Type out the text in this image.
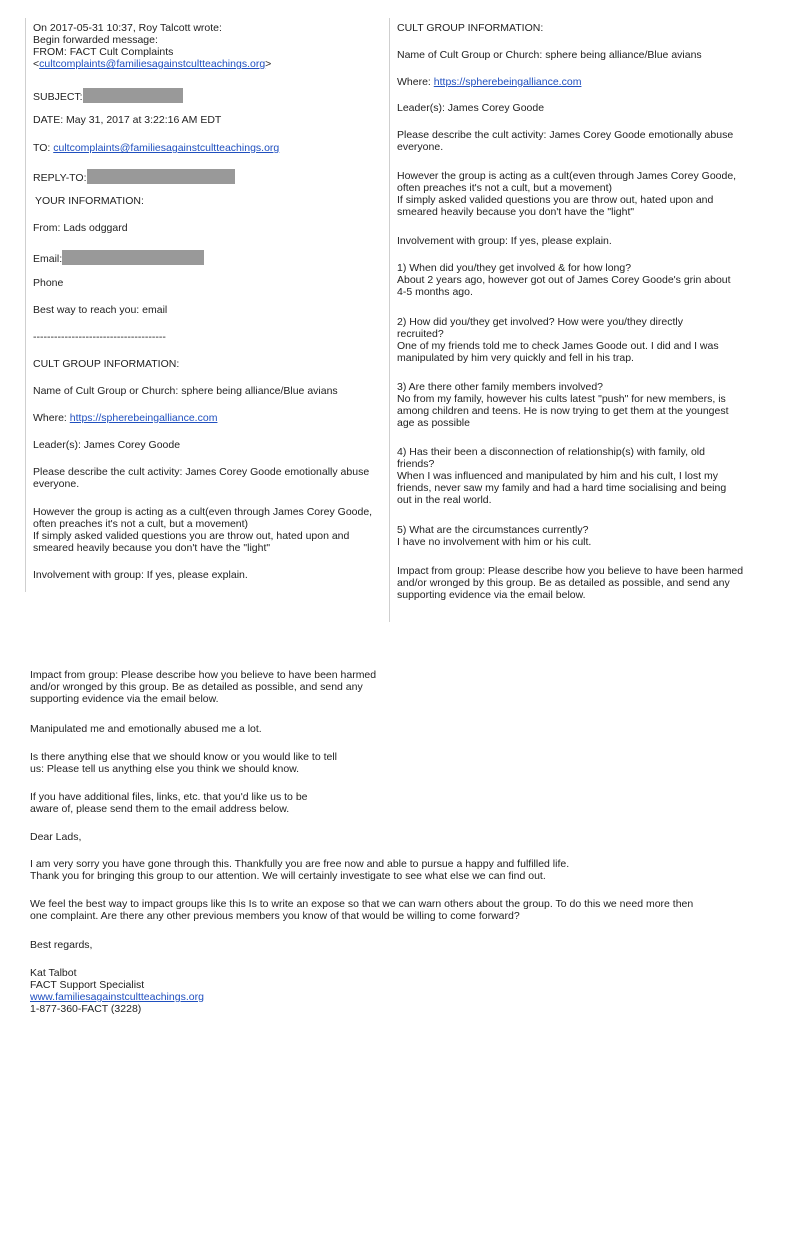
On 2017-05-31 10:37, Roy Talcott wrote:
Begin forwarded message:
FROM: FACT Cult Complaints
<cultcomplaints@familiesagainstcultteachings.org>
SUBJECT:
DATE: May 31, 2017 at 3:22:16 AM EDT
TO: cultcomplaints@familiesagainstcultteachings.org
REPLY-TO:
YOUR INFORMATION:
From: Lads odggard
Email:
Phone
Best way to reach you: email
--------------------------------------
CULT GROUP INFORMATION:
Name of Cult Group or Church: sphere being alliance/Blue avians
Where: https://spherebeingalliance.com
Leader(s): James Corey Goode
Please describe the cult activity: James Corey Goode emotionally abuse
everyone.
However the group is acting as a cult(even through James Corey Goode,
often preaches it's not a cult, but a movement)
If simply asked valided questions you are throw out, hated upon and
smeared heavily because you don't have the "light"
Involvement with group: If yes, please explain.
CULT GROUP INFORMATION:
Name of Cult Group or Church: sphere being alliance/Blue avians
Where: https://spherebeingalliance.com
Leader(s): James Corey Goode
Please describe the cult activity: James Corey Goode emotionally abuse
everyone.
However the group is acting as a cult(even through James Corey Goode,
often preaches it's not a cult, but a movement)
If simply asked valided questions you are throw out, hated upon and
smeared heavily because you don't have the "light"
Involvement with group: If yes, please explain.
1) When did you/they get involved & for how long?
About 2 years ago, however got out of James Corey Goode's grin about
4-5 months ago.
2) How did you/they get involved? How were you/they directly
recruited?
One of my friends told me to check James Goode out. I did and I was
manipulated by him very quickly and fell in his trap.
3) Are there other family members involved?
No from my family, however his cults latest "push" for new members, is
among children and teens. He is now trying to get them at the youngest
age as possible
4) Has their been a disconnection of relationship(s) with family, old
friends?
When I was influenced and manipulated by him and his cult, I lost my
friends, never saw my family and had a hard time socialising and being
out in the real world.
5) What are the circumstances currently?
I have no involvement with him or his cult.
Impact from group: Please describe how you believe to have been harmed
and/or wronged by this group. Be as detailed as possible, and send any
supporting evidence via the email below.
Impact from group: Please describe how you believe to have been harmed
and/or wronged by this group. Be as detailed as possible, and send any
supporting evidence via the email below.
Manipulated me and emotionally abused me a lot.
Is there anything else that we should know or you would like to tell
us: Please tell us anything else you think we should know.
If you have additional files, links, etc. that you'd like us to be
aware of, please send them to the email address below.
Dear Lads,
I am very sorry you have gone through this. Thankfully you are free now and able to pursue a happy and fulfilled life.
Thank you for bringing this group to our attention. We will certainly investigate to see what else we can find out.
We feel the best way to impact groups like this Is to write an expose so that we can warn others about the group. To do this we need more then
one complaint. Are there any other previous members you know of that would be willing to come forward?
Best regards,
Kat Talbot
FACT Support Specialist
www.familiesagainstcultteachings.org
1-877-360-FACT (3228)
